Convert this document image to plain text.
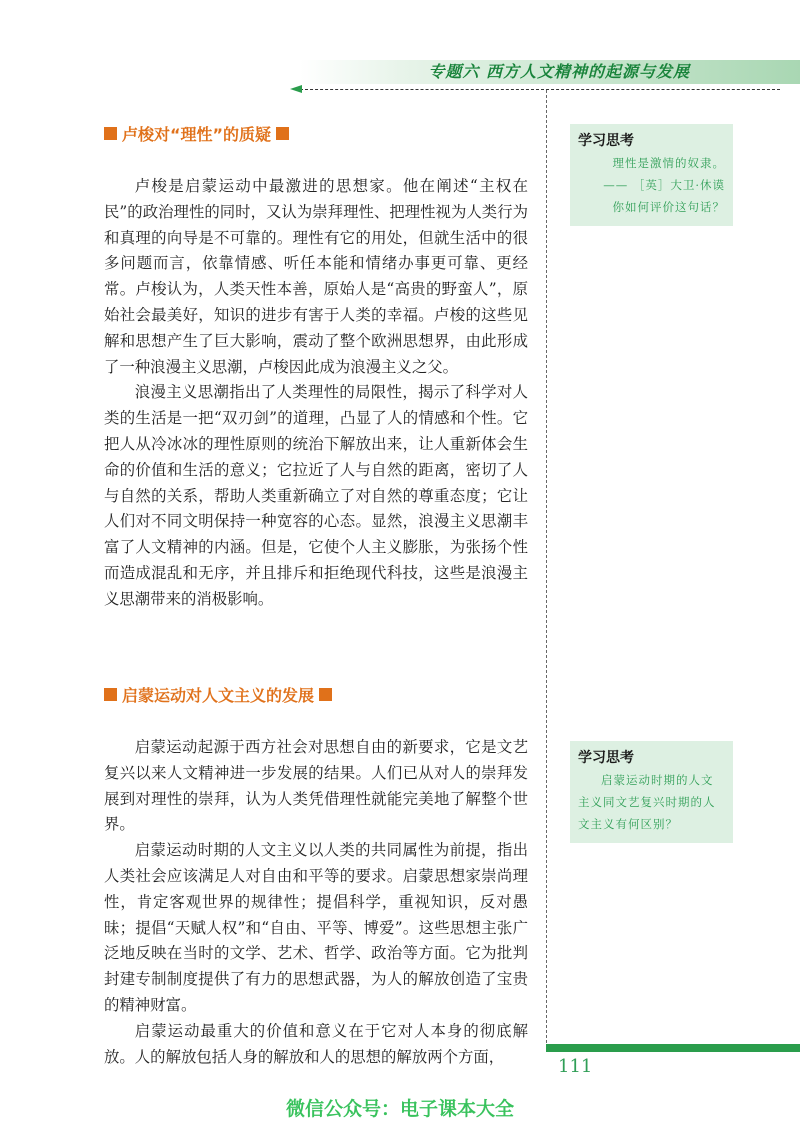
专题六 西方人文精神的起源与发展
卢梭对“理性”的质疑

卢梭是启蒙运动中最激进的思想家。他在阐述“主权在民”的政治理性的同时，又认为崇拜理性、把理性视为人类行为和真理的向导是不可靠的。理性有它的用处，但就生活中的很多问题而言，依靠情感、听任本能和情绪办事更可靠、更经常。卢梭认为，人类天性本善，原始人是“高贵的野蛮人”，原始社会最美好，知识的进步有害于人类的幸福。卢梭的这些见解和思想产生了巨大影响，震动了整个欧洲思想界，由此形成了一种浪漫主义思潮，卢梭因此成为浪漫主义之父。

浪漫主义思潮指出了人类理性的局限性，揭示了科学对人类的生活是一把“双刃剑”的道理，凸显了人的情感和个性。它把人从冷冰冰的理性原则的统治下解放出来，让人重新体会生命的价值和生活的意义；它拉近了人与自然的距离，密切了人与自然的关系，帮助人类重新确立了对自然的尊重态度；它让人们对不同文明保持一种宽容的心态。显然，浪漫主义思潮丰富了人文精神的内涵。但是，它使个人主义膨胀，为张扬个性而造成混乱和无序，并且排斥和拒绝现代科技，这些是浪漫主义思潮带来的消极影响。

启蒙运动对人文主义的发展

启蒙运动起源于西方社会对思想自由的新要求，它是文艺复兴以来人文精神进一步发展的结果。人们已从对人的崇拜发展到对理性的崇拜，认为人类凭借理性就能完美地了解整个世界。

启蒙运动时期的人文主义以人类的共同属性为前提，指出人类社会应该满足人对自由和平等的要求。启蒙思想家崇尚理性，肯定客观世界的规律性；提倡科学，重视知识，反对愚昧；提倡“天赋人权”和“自由、平等、博爱”。这些思想主张广泛地反映在当时的文学、艺术、哲学、政治等方面。它为批判封建专制制度提供了有力的思想武器，为人的解放创造了宝贵的精神财富。

启蒙运动最重大的价值和意义在于它对人本身的彻底解放。人的解放包括人身的解放和人的思想的解放两个方面，

学习思考
理性是激情的奴隶。
—— ［英］大卫·休谟
你如何评价这句话？
学习思考
启蒙运动时期的人文主义同文艺复兴时期的人文主义有何区别？
111
微信公众号：电子课本大全
